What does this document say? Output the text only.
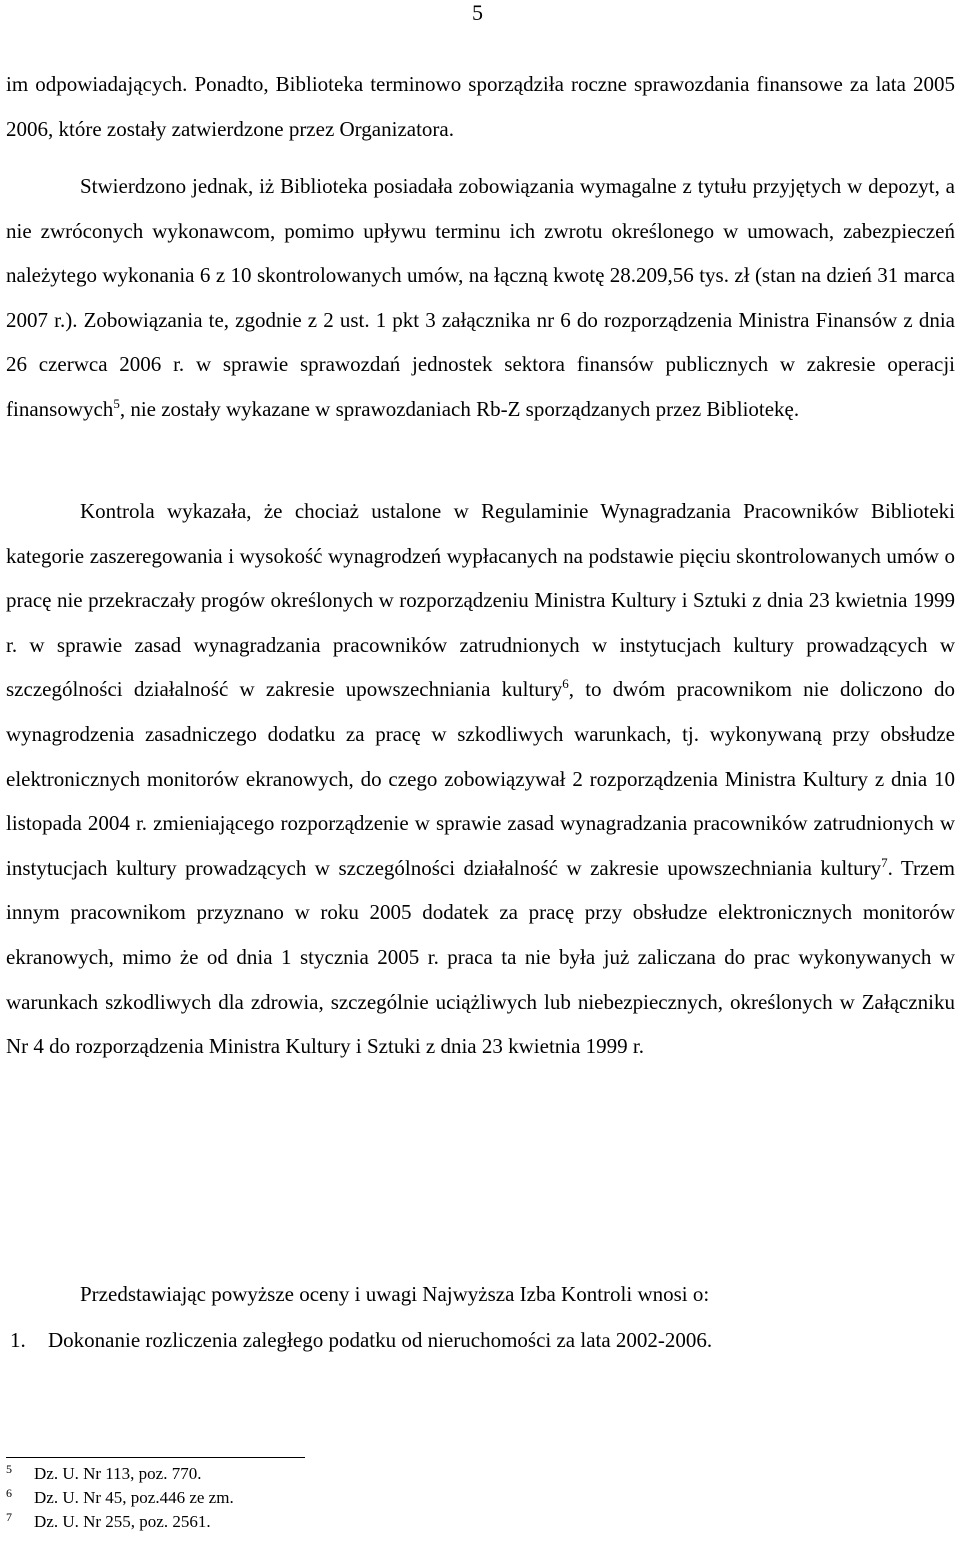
5

im odpowiadających. Ponadto, Biblioteka terminowo sporządziła roczne sprawozdania finansowe za lata 2005 2006, które zostały zatwierdzone przez Organizatora.

Stwierdzono jednak, iż Biblioteka posiadała zobowiązania wymagalne z tytułu przyjętych w depozyt, a nie zwróconych wykonawcom, pomimo upływu terminu ich zwrotu określonego w umowach, zabezpieczeń należytego wykonania 6 z 10 skontrolowanych umów, na łączną kwotę 28.209,56 tys. zł (stan na dzień 31 marca 2007 r.). Zobowiązania te, zgodnie z 2 ust. 1 pkt 3 załącznika nr 6 do rozporządzenia Ministra Finansów z dnia 26 czerwca 2006 r. w sprawie sprawozdań jednostek sektora finansów publicznych w zakresie operacji finansowych$^5$, nie zostały wykazane w sprawozdaniach Rb-Z sporządzanych przez Bibliotekę.

Kontrola wykazała, że chociaż ustalone w Regulaminie Wynagradzania Pracowników Biblioteki kategorie zaszeregowania i wysokość wynagrodzeń wypłacanych na podstawie pięciu skontrolowanych umów o pracę nie przekraczały progów określonych w rozporządzeniu Ministra Kultury i Sztuki z dnia 23 kwietnia 1999 r. w sprawie zasad wynagradzania pracowników zatrudnionych w instytucjach kultury prowadzących w szczególności działalność w zakresie upowszechniania kultury$^6$, to dwóm pracownikom nie doliczono do wynagrodzenia zasadniczego dodatku za pracę w szkodliwych warunkach, tj. wykonywaną przy obsłudze elektronicznych monitorów ekranowych, do czego zobowiązywał 2 rozporządzenia Ministra Kultury z dnia 10 listopada 2004 r. zmieniającego rozporządzenie w sprawie zasad wynagradzania pracowników zatrudnionych w instytucjach kultury prowadzących w szczególności działalność w zakresie upowszechniania kultury$^7$. Trzem innym pracownikom przyznano w roku 2005 dodatek za pracę przy obsłudze elektronicznych monitorów ekranowych, mimo że od dnia 1 stycznia 2005 r. praca ta nie była już zaliczana do prac wykonywanych w warunkach szkodliwych dla zdrowia, szczególnie uciążliwych lub niebezpiecznych, określonych w Załączniku Nr 4 do rozporządzenia Ministra Kultury i Sztuki z dnia 23 kwietnia 1999 r.

Przedstawiając powyższe oceny i uwagi Najwyższa Izba Kontroli wnosi o:

1. Dokonanie rozliczenia zaległego podatku od nieruchomości za lata 2002-2006.

5	Dz. U. Nr 113, poz. 770.
6	Dz. U. Nr 45, poz.446 ze zm.
7	Dz. U. Nr 255, poz. 2561.
